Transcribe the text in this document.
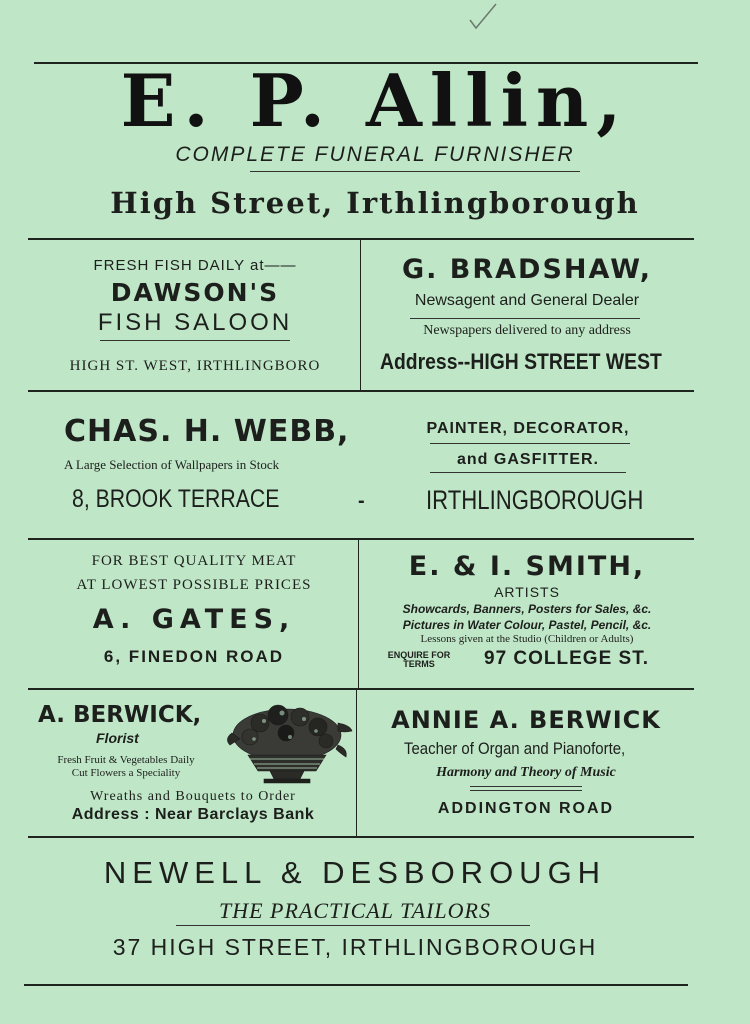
E. P. Allin,
COMPLETE FUNERAL FURNISHER
High Street, Irthlingborough
FRESH FISH DAILY at——
DAWSON'S
FISH SALOON
HIGH ST. WEST, IRTHLINGBORO
G. BRADSHAW,
Newsagent and General Dealer
Newspapers delivered to any address
Address--HIGH STREET WEST
CHAS. H. WEBB,
A Large Selection of Wallpapers in Stock
8, BROOK TERRACE	-
PAINTER, DECORATOR,
and GASFITTER.
IRTHLINGBOROUGH
FOR BEST QUALITY MEAT
AT LOWEST POSSIBLE PRICES
A. GATES,
6, FINEDON ROAD
E. & I. SMITH,
ARTISTS
Showcards, Banners, Posters for Sales, &c.
Pictures in Water Colour, Pastel, Pencil, &c.
Lessons given at the Studio (Children or Adults)
ENQUIRE FOR
TERMS	97 COLLEGE ST.
A. BERWICK,
Florist
Fresh Fruit & Vegetables Daily
Cut Flowers a Speciality
Wreaths and Bouquets to Order
Address : Near Barclays Bank
ANNIE A. BERWICK
Teacher of Organ and Pianoforte,
Harmony and Theory of Music
ADDINGTON ROAD
NEWELL & DESBOROUGH
THE PRACTICAL TAILORS
37 HIGH STREET, IRTHLINGBOROUGH
